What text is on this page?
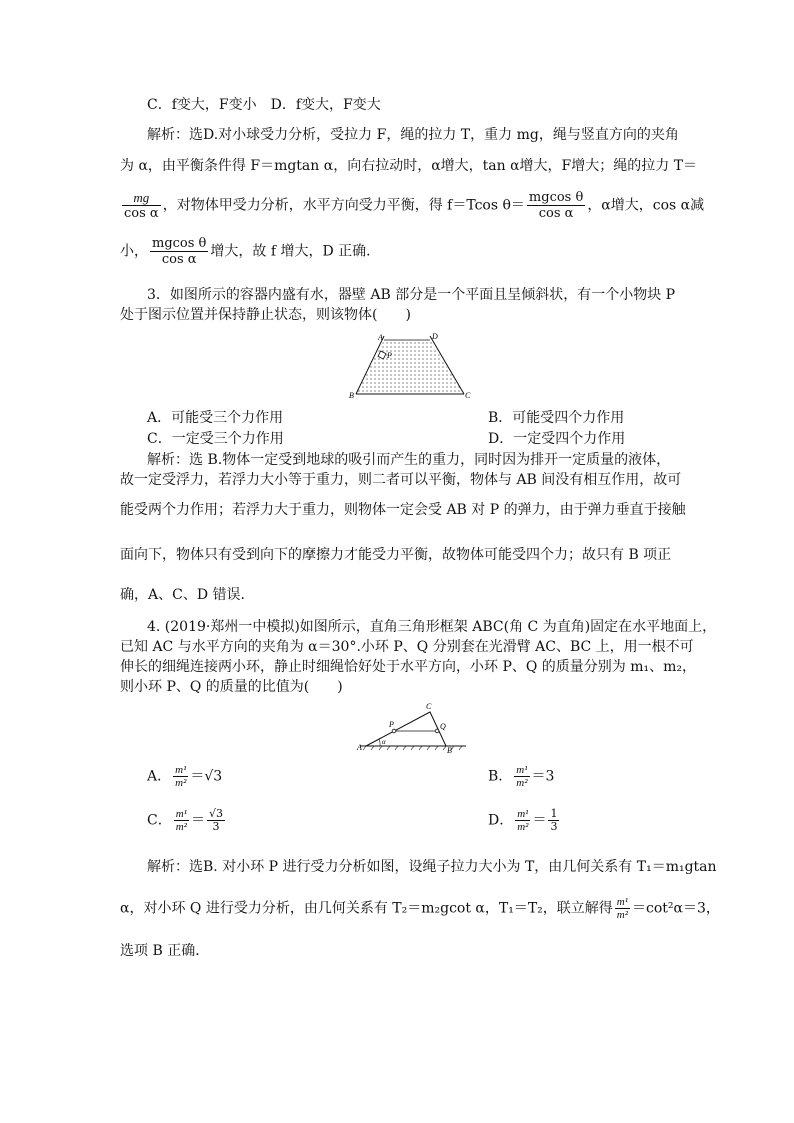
C．f变大，F变小　D．f变大，F变大
解析：选D.对小球受力分析，受拉力 F，绳的拉力 T，重力 mg，绳与竖直方向的夹角
为 α，由平衡条件得 F＝mgtan α，向右拉动时，α增大，tan α增大，F增大；绳的拉力 T＝
$\frac{mg}{\text{cos α}}$ ，对物体甲受力分析，水平方向受力平衡，得 f＝Tcos $\theta= \frac{\text{mgcos θ}}{\text{cos α}}$ ，α增大，cos α减
小， $\frac{\text{mgcos θ}}{\text{cos α}}$ 增大，故 f 增大，D 正确．
3．如图所示的容器内盛有水，器壁 AB 部分是一个平面且呈倾斜状，有一个小物块 P
处于图示位置并保持静止状态，则该物体(　　)
A	D
P
B	C
A．可能受三个力作用	B．可能受四个力作用
C．一定受三个力作用	D．一定受四个力作用
解析：选 B.物体一定受到地球的吸引而产生的重力，同时因为排开一定质量的液体，
故一定受浮力，若浮力大小等于重力，则二者可以平衡，物体与 AB 间没有相互作用，故可
能受两个力作用；若浮力大于重力，则物体一定会受 AB 对 P 的弹力，由于弹力垂直于接触
面向下，物体只有受到向下的摩擦力才能受力平衡，故物体可能受四个力；故只有 B 项正
确，A、C、D 错误．
4. (2019·郑州一中模拟)如图所示，直角三角形框架 ABC(角 C 为直角)固定在水平地面上，
已知 AC 与水平方向的夹角为 α＝30°.小环 P、Q 分别套在光滑臂 AC、BC 上，用一根不可
伸长的细绳连接两小环，静止时细绳恰好处于水平方向，小环 P、Q 的质量分别为 m₁、m₂，
则小环 P、Q 的质量的比值为(　　)
A	B
C
P	Q
α
A． $\frac{\text{m¹}}{\text{m²}} =√3$	B． $\frac{\text{m¹}}{\text{m²}} =3$
C． $\frac{\text{m¹}}{\text{m²}} = \frac{√3}{3}$	D． $\frac{\text{m¹}}{\text{m²}} = \frac{1}{3}$
解析：选B. 对小环 P 进行受力分析如图，设绳子拉力大小为 T，由几何关系有 T₁＝m₁gtan
α，对小环 Q 进行受力分析，由几何关系有 T₂＝m₂gcot α，T₁＝T₂，联立解得 $\frac{\text{m¹}}{\text{m²}} =\cot^2\alpha=3$，
选项 B 正确．
